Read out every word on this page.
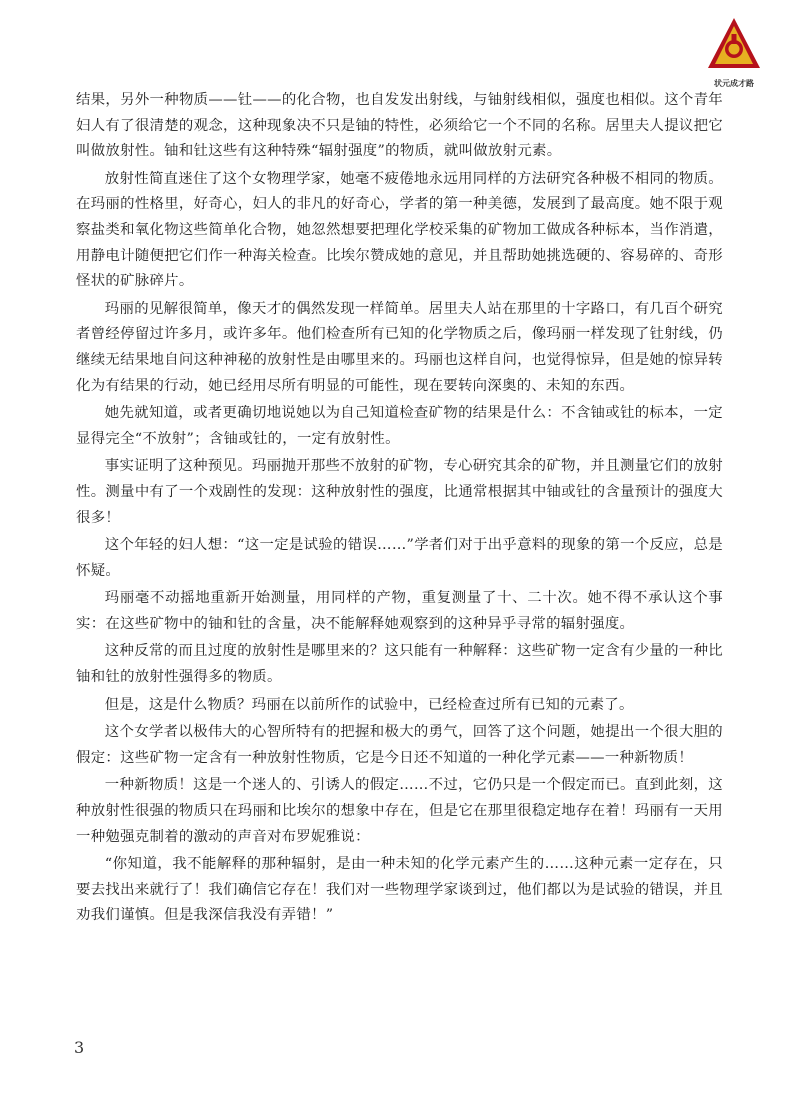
状元成才路

结果，另外一种物质——钍——的化合物，也自发发出射线，与铀射线相似，强度也相似。这个青年妇人有了很清楚的观念，这种现象决不只是铀的特性，必须给它一个不同的名称。居里夫人提议把它叫做放射性。铀和钍这些有这种特殊“辐射强度”的物质，就叫做放射元素。

放射性简直迷住了这个女物理学家，她毫不疲倦地永远用同样的方法研究各种极不相同的物质。在玛丽的性格里，好奇心，妇人的非凡的好奇心，学者的第一种美德，发展到了最高度。她不限于观察盐类和氧化物这些简单化合物，她忽然想要把理化学校采集的矿物加工做成各种标本，当作消遣，用静电计随便把它们作一种海关检查。比埃尔赞成她的意见，并且帮助她挑选硬的、容易碎的、奇形怪状的矿脉碎片。

玛丽的见解很简单，像天才的偶然发现一样简单。居里夫人站在那里的十字路口，有几百个研究者曾经停留过许多月，或许多年。他们检查所有已知的化学物质之后，像玛丽一样发现了钍射线，仍继续无结果地自问这种神秘的放射性是由哪里来的。玛丽也这样自问，也觉得惊异，但是她的惊异转化为有结果的行动，她已经用尽所有明显的可能性，现在要转向深奥的、未知的东西。

她先就知道，或者更确切地说她以为自己知道检查矿物的结果是什么：不含铀或钍的标本，一定显得完全“不放射”；含铀或钍的，一定有放射性。

事实证明了这种预见。玛丽抛开那些不放射的矿物，专心研究其余的矿物，并且测量它们的放射性。测量中有了一个戏剧性的发现：这种放射性的强度，比通常根据其中铀或钍的含量预计的强度大很多！

这个年轻的妇人想：“这一定是试验的错误……”学者们对于出乎意料的现象的第一个反应，总是怀疑。

玛丽毫不动摇地重新开始测量，用同样的产物，重复测量了十、二十次。她不得不承认这个事实：在这些矿物中的铀和钍的含量，决不能解释她观察到的这种异乎寻常的辐射强度。

这种反常的而且过度的放射性是哪里来的？这只能有一种解释：这些矿物一定含有少量的一种比铀和钍的放射性强得多的物质。

但是，这是什么物质？玛丽在以前所作的试验中，已经检查过所有已知的元素了。

这个女学者以极伟大的心智所特有的把握和极大的勇气，回答了这个问题，她提出一个很大胆的假定：这些矿物一定含有一种放射性物质，它是今日还不知道的一种化学元素——一种新物质！

一种新物质！这是一个迷人的、引诱人的假定……不过，它仍只是一个假定而已。直到此刻，这种放射性很强的物质只在玛丽和比埃尔的想象中存在，但是它在那里很稳定地存在着！玛丽有一天用一种勉强克制着的激动的声音对布罗妮雅说：

“你知道，我不能解释的那种辐射，是由一种未知的化学元素产生的……这种元素一定存在，只要去找出来就行了！我们确信它存在！我们对一些物理学家谈到过，他们都以为是试验的错误，并且劝我们谨慎。但是我深信我没有弄错！”

3
